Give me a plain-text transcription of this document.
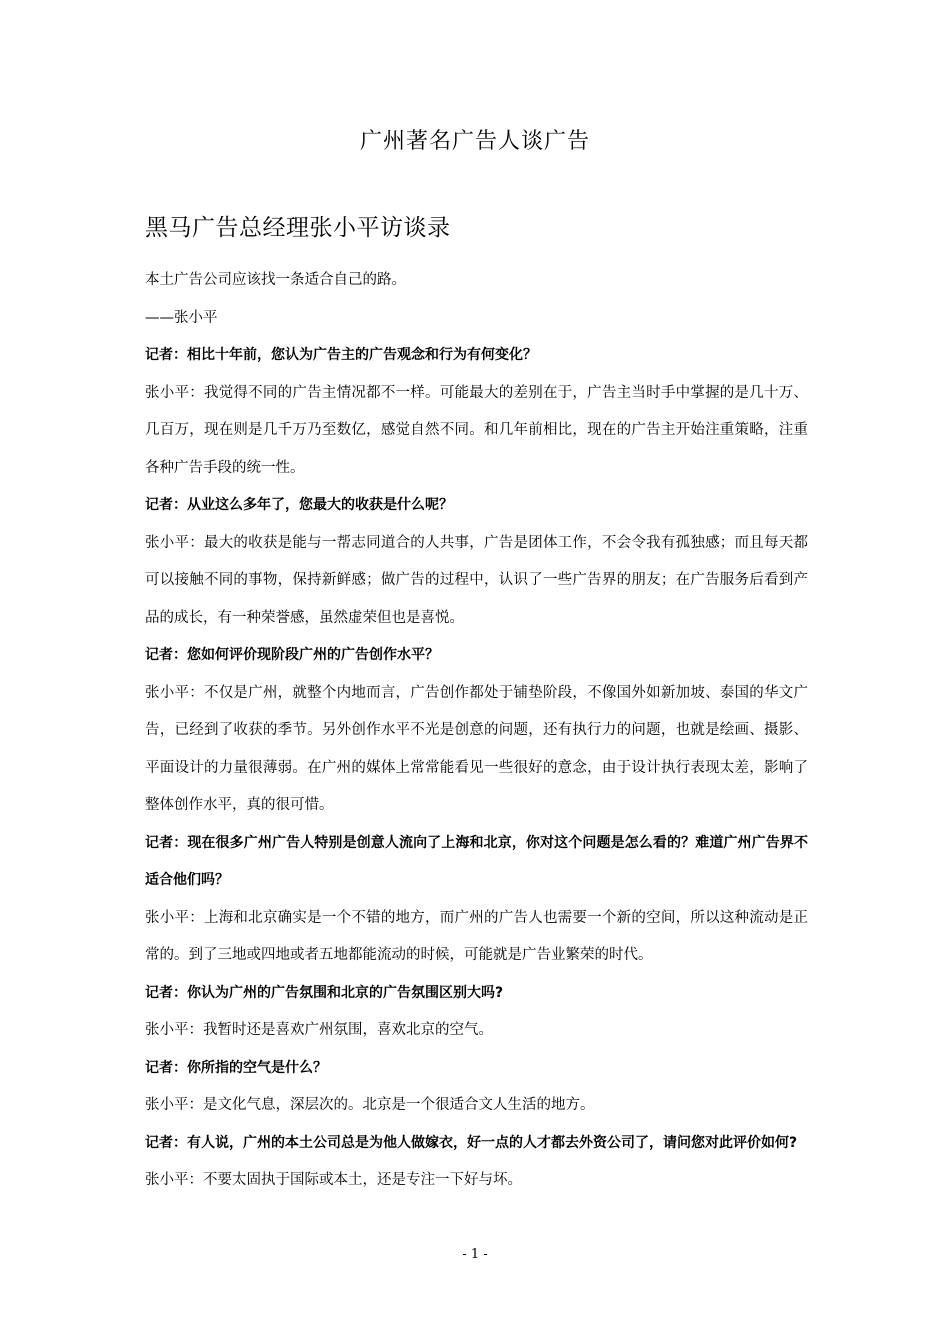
广州著名广告人谈广告
黑马广告总经理张小平访谈录

本土广告公司应该找一条适合自己的路。

——张小平

记者：相比十年前，您认为广告主的广告观念和行为有何变化？

张小平：我觉得不同的广告主情况都不一样。可能最大的差别在于，广告主当时手中掌握的是几十万、几百万，现在则是几千万乃至数亿，感觉自然不同。和几年前相比，现在的广告主开始注重策略，注重各种广告手段的统一性。

记者：从业这么多年了，您最大的收获是什么呢？

张小平：最大的收获是能与一帮志同道合的人共事，广告是团体工作，不会令我有孤独感；而且每天都可以接触不同的事物，保持新鲜感；做广告的过程中，认识了一些广告界的朋友；在广告服务后看到产品的成长，有一种荣誉感，虽然虚荣但也是喜悦。

记者：您如何评价现阶段广州的广告创作水平？

张小平：不仅是广州，就整个内地而言，广告创作都处于铺垫阶段，不像国外如新加坡、泰国的华文广告，已经到了收获的季节。另外创作水平不光是创意的问题，还有执行力的问题，也就是绘画、摄影、平面设计的力量很薄弱。在广州的媒体上常常能看见一些很好的意念，由于设计执行表现太差，影响了整体创作水平，真的很可惜。

记者：现在很多广州广告人特别是创意人流向了上海和北京，你对这个问题是怎么看的？难道广州广告界不适合他们吗？

张小平：上海和北京确实是一个不错的地方，而广州的广告人也需要一个新的空间，所以这种流动是正常的。到了三地或四地或者五地都能流动的时候，可能就是广告业繁荣的时代。

记者：你认为广州的广告氛围和北京的广告氛围区别大吗?

张小平：我暂时还是喜欢广州氛围，喜欢北京的空气。

记者：你所指的空气是什么？

张小平：是文化气息，深层次的。北京是一个很适合文人生活的地方。

记者：有人说，广州的本土公司总是为他人做嫁衣，好一点的人才都去外资公司了，请问您对此评价如何?

张小平：不要太固执于国际或本土，还是专注一下好与坏。

- 1 -
